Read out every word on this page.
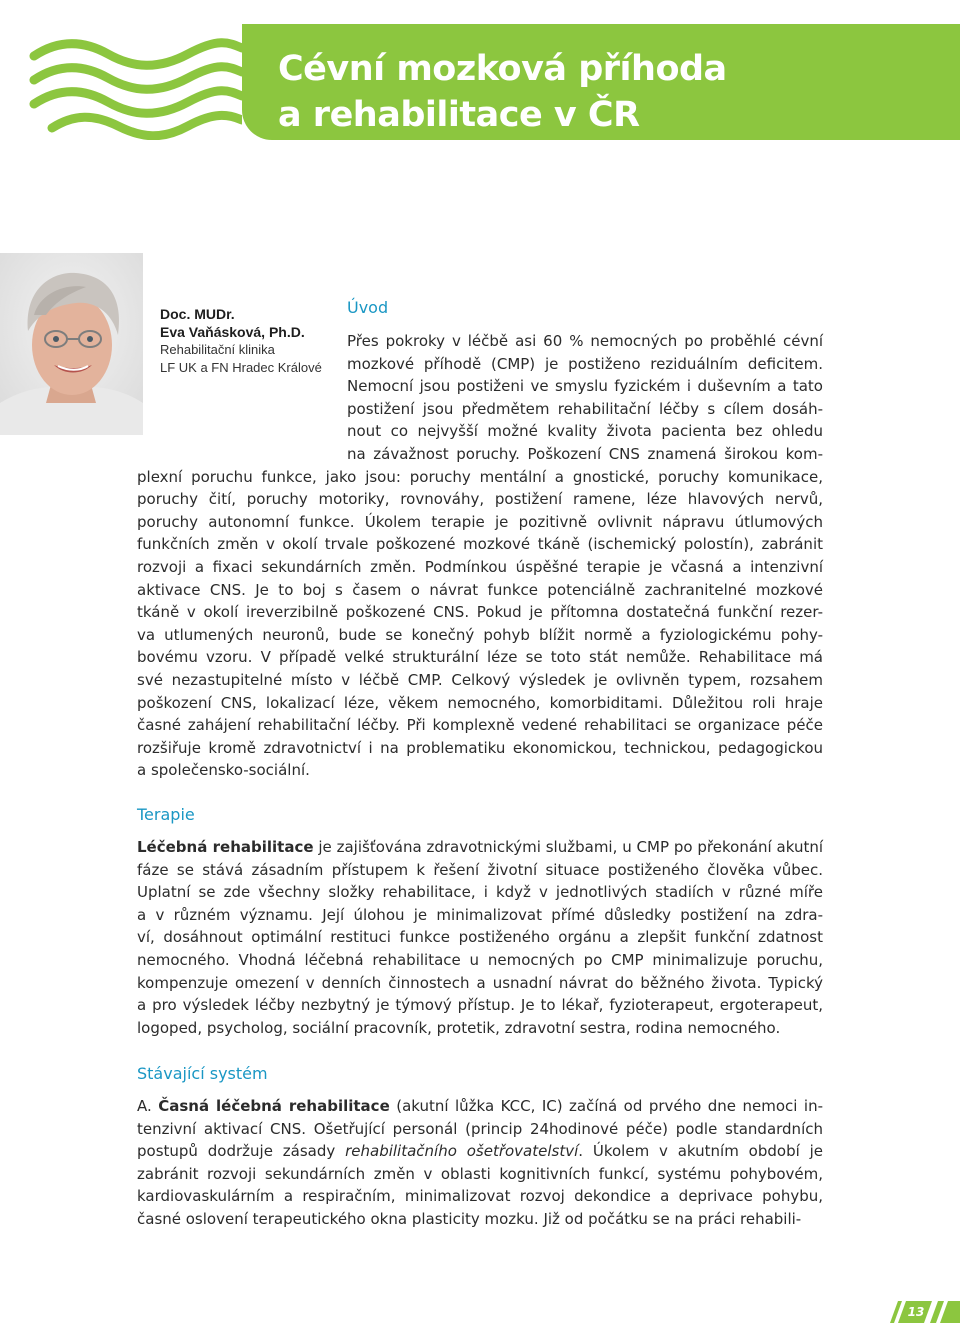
Cévní mozková příhoda
a rehabilitace v ČR
Doc. MUDr.
Eva Vaňásková, Ph.D.
Rehabilitační klinika
LF UK a FN Hradec Králové
Úvod
Přes pokroky v léčbě asi 60 % nemocných po proběhlé cévní
mozkové příhodě (CMP) je postiženo reziduálním deficitem.
Nemocní jsou postiženi ve smyslu fyzickém i duševním a tato
postižení jsou předmětem rehabilitační léčby s cílem dosáh-
nout co nejvyšší možné kvality života pacienta bez ohledu
na závažnost poruchy. Poškození CNS znamená širokou kom-
plexní poruchu funkce, jako jsou: poruchy mentální a gnostické, poruchy komunikace,
poruchy čití, poruchy motoriky, rovnováhy, postižení ramene, léze hlavových nervů,
poruchy autonomní funkce. Úkolem terapie je pozitivně ovlivnit nápravu útlumových
funkčních změn v okolí trvale poškozené mozkové tkáně (ischemický polostín), zabránit
rozvoji a fixaci sekundárních změn. Podmínkou úspěšné terapie je včasná a intenzivní
aktivace CNS. Je to boj s časem o návrat funkce potenciálně zachranitelné mozkové
tkáně v okolí ireverzibilně poškozené CNS. Pokud je přítomna dostatečná funkční rezer-
va utlumených neuronů, bude se konečný pohyb blížit normě a fyziologickému pohy-
bovému vzoru. V případě velké strukturální léze se toto stát nemůže. Rehabilitace má
své nezastupitelné místo v léčbě CMP. Celkový výsledek je ovlivněn typem, rozsahem
poškození CNS, lokalizací léze, věkem nemocného, komorbiditami. Důležitou roli hraje
časné zahájení rehabilitační léčby. Při komplexně vedené rehabilitaci se organizace péče
rozšiřuje kromě zdravotnictví i na problematiku ekonomickou, technickou, pedagogickou
a společensko-sociální.
Terapie
Léčebná rehabilitace je zajišťována zdravotnickými službami, u CMP po překonání akutní
fáze se stává zásadním přístupem k řešení životní situace postiženého člověka vůbec.
Uplatní se zde všechny složky rehabilitace, i když v jednotlivých stadiích v různé míře
a v různém významu. Její úlohou je minimalizovat přímé důsledky postižení na zdra-
ví, dosáhnout optimální restituci funkce postiženého orgánu a zlepšit funkční zdatnost
nemocného. Vhodná léčebná rehabilitace u nemocných po CMP minimalizuje poruchu,
kompenzuje omezení v denních činnostech a usnadní návrat do běžného života. Typický
a pro výsledek léčby nezbytný je týmový přístup. Je to lékař, fyzioterapeut, ergoterapeut,
logoped, psycholog, sociální pracovník, protetik, zdravotní sestra, rodina nemocného.
Stávající systém
A. Časná léčebná rehabilitace (akutní lůžka KCC, IC) začíná od prvého dne nemoci in-
tenzivní aktivací CNS. Ošetřující personál (princip 24hodinové péče) podle standardních
postupů dodržuje zásady rehabilitačního ošetřovatelství. Úkolem v akutním období je
zabránit rozvoji sekundárních změn v oblasti kognitivních funkcí, systému pohybovém,
kardiovaskulárním a respiračním, minimalizovat rozvoj dekondice a deprivace pohybu,
časné oslovení terapeutického okna plasticity mozku. Již od počátku se na práci rehabili-
13
